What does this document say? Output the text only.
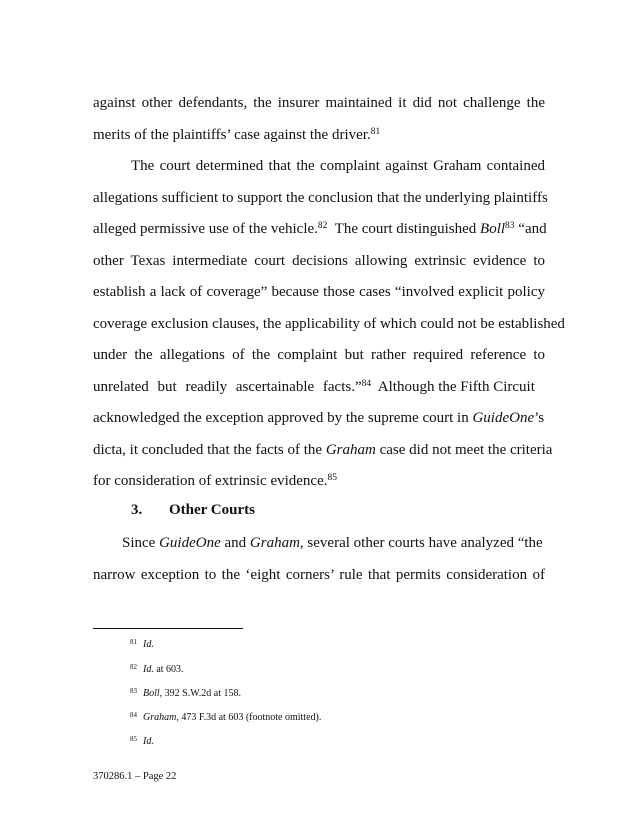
against other defendants, the insurer maintained it did not challenge the
merits of the plaintiffs’ case against the driver.$^{81}$
The court determined that the complaint against Graham contained
allegations sufficient to support the conclusion that the underlying plaintiffs
alleged permissive use of the vehicle.$^{82}$  The court distinguished Boll$^{83}$ “and
other Texas intermediate court decisions allowing extrinsic evidence to
establish a lack of coverage” because those cases “involved explicit policy
coverage exclusion clauses, the applicability of which could not be established
under the allegations of the complaint but rather required reference to
unrelated but readily ascertainable facts.”$^{84}$  Although the Fifth Circuit
acknowledged the exception approved by the supreme court in GuideOne’s
dicta, it concluded that the facts of the Graham case did not meet the criteria
for consideration of extrinsic evidence.$^{85}$
3. Other Courts
Since GuideOne and Graham, several other courts have analyzed “the
narrow exception to the ‘eight corners’ rule that permits consideration of
$^{81}$ Id.
$^{82}$ Id. at 603.
$^{83}$ Boll, 392 S.W.2d at 158.
$^{84}$ Graham, 473 F.3d at 603 (footnote omitted).
$^{85}$ Id.
370286.1 – Page 22
